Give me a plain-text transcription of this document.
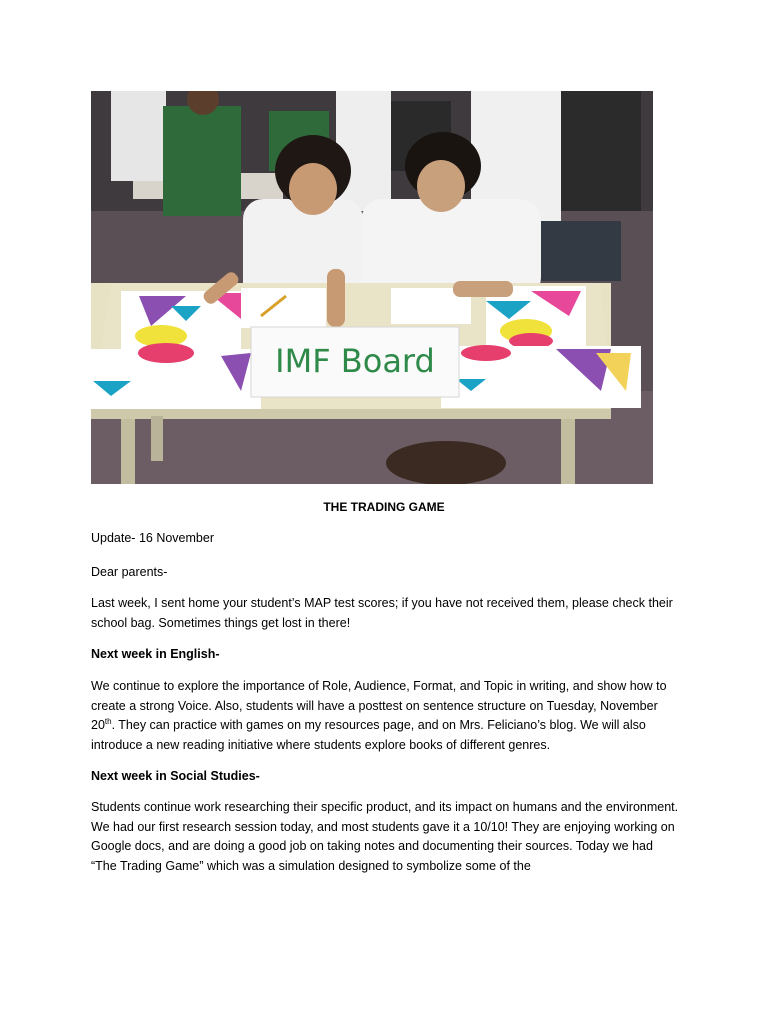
IMF Board
THE TRADING GAME
Update- 16 November
Dear parents-
Last week, I sent home your student’s MAP test scores; if you have not received them, please check their school bag. Sometimes things get lost in there!
Next week in English-
We continue to explore the importance of Role, Audience, Format, and Topic in writing, and show how to create a strong Voice. Also, students will have a posttest on sentence structure on Tuesday, November 20th. They can practice with games on my resources page, and on Mrs. Feliciano’s blog. We will also introduce a new reading initiative where students explore books of different genres.
Next week in Social Studies-
Students continue work researching their specific product, and its impact on humans and the environment. We had our first research session today, and most students gave it a 10/10! They are enjoying working on Google docs, and are doing a good job on taking notes and documenting their sources. Today we had “The Trading Game” which was a simulation designed to symbolize some of the
